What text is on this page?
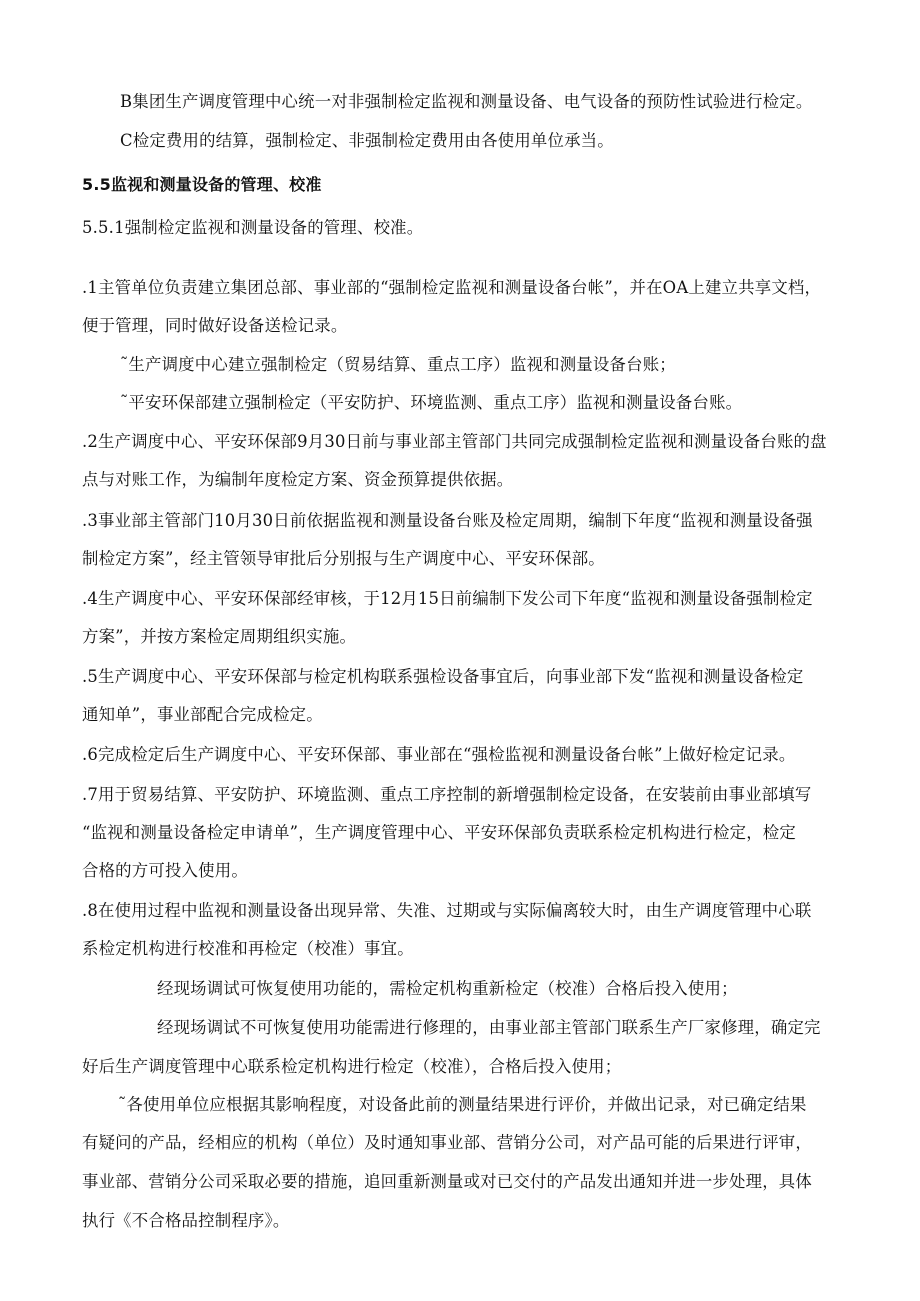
B集团生产调度管理中心统一对非强制检定监视和测量设备、电气设备的预防性试验进行检定。
C检定费用的结算，强制检定、非强制检定费用由各使用单位承当。
5.5监视和测量设备的管理、校准
5.5.1强制检定监视和测量设备的管理、校准。
.1主管单位负责建立集团总部、事业部的“强制检定监视和测量设备台帐”，并在OA上建立共享文档，
便于管理，同时做好设备送检记录。
˜生产调度中心建立强制检定（贸易结算、重点工序）监视和测量设备台账；
˜平安环保部建立强制检定（平安防护、环境监测、重点工序）监视和测量设备台账。
.2生产调度中心、平安环保部9月30日前与事业部主管部门共同完成强制检定监视和测量设备台账的盘
点与对账工作，为编制年度检定方案、资金预算提供依据。
.3事业部主管部门10月30日前依据监视和测量设备台账及检定周期，编制下年度“监视和测量设备强
制检定方案”，经主管领导审批后分别报与生产调度中心、平安环保部。
.4生产调度中心、平安环保部经审核，于12月15日前编制下发公司下年度“监视和测量设备强制检定
方案”，并按方案检定周期组织实施。
.5生产调度中心、平安环保部与检定机构联系强检设备事宜后，向事业部下发“监视和测量设备检定
通知单”，事业部配合完成检定。
.6完成检定后生产调度中心、平安环保部、事业部在“强检监视和测量设备台帐”上做好检定记录。
.7用于贸易结算、平安防护、环境监测、重点工序控制的新增强制检定设备，在安装前由事业部填写
“监视和测量设备检定申请单”，生产调度管理中心、平安环保部负责联系检定机构进行检定，检定
合格的方可投入使用。
.8在使用过程中监视和测量设备出现异常、失准、过期或与实际偏离较大时，由生产调度管理中心联
系检定机构进行校准和再检定（校准）事宜。
经现场调试可恢复使用功能的，需检定机构重新检定（校准）合格后投入使用；
经现场调试不可恢复使用功能需进行修理的，由事业部主管部门联系生产厂家修理，确定完
好后生产调度管理中心联系检定机构进行检定（校准），合格后投入使用；
˜各使用单位应根据其影响程度，对设备此前的测量结果进行评价，并做出记录，对已确定结果
有疑问的产品，经相应的机构（单位）及时通知事业部、营销分公司，对产品可能的后果进行评审，
事业部、营销分公司采取必要的措施，追回重新测量或对已交付的产品发出通知并进一步处理，具体
执行《不合格品控制程序》。
